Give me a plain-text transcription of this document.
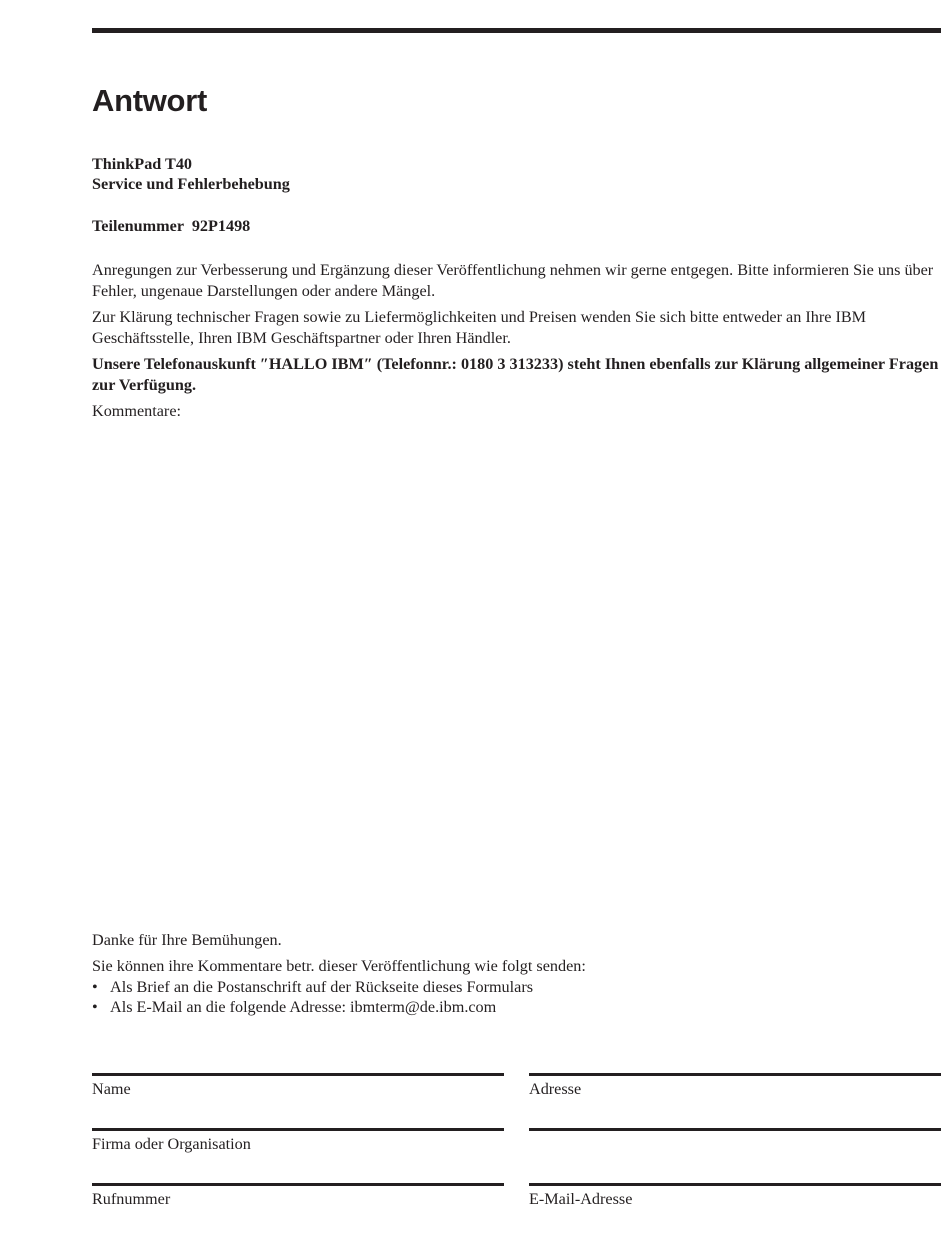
Antwort
ThinkPad T40
Service und Fehlerbehebung
Teilenummer  92P1498
Anregungen zur Verbesserung und Ergänzung dieser Veröffentlichung nehmen wir gerne entgegen. Bitte informieren Sie uns über Fehler, ungenaue Darstellungen oder andere Mängel.
Zur Klärung technischer Fragen sowie zu Liefermöglichkeiten und Preisen wenden Sie sich bitte entweder an Ihre IBM Geschäftsstelle, Ihren IBM Geschäftspartner oder Ihren Händler.
Unsere Telefonauskunft ″HALLO IBM″ (Telefonnr.: 0180 3 313233) steht Ihnen ebenfalls zur Klärung allgemeiner Fragen zur Verfügung.
Kommentare:
Danke für Ihre Bemühungen.
Sie können ihre Kommentare betr. dieser Veröffentlichung wie folgt senden:
• Als Brief an die Postanschrift auf der Rückseite dieses Formulars
• Als E-Mail an die folgende Adresse: ibmterm@de.ibm.com
Name	Adresse
Firma oder Organisation
Rufnummer	E-Mail-Adresse
